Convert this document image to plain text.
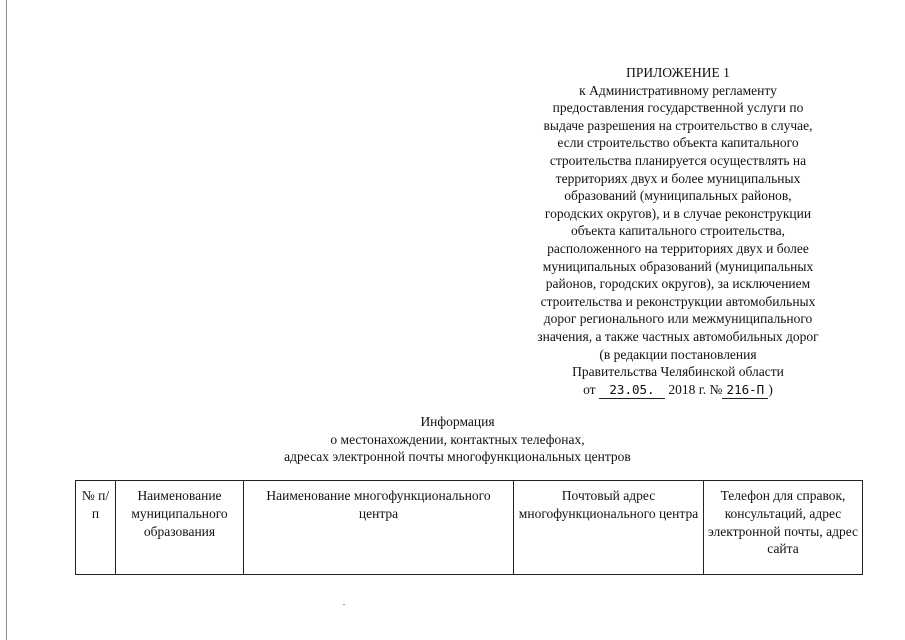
ПРИЛОЖЕНИЕ 1
к Административному регламенту
предоставления государственной услуги по
выдаче разрешения на строительство в случае,
если строительство объекта капитального
строительства планируется осуществлять на
территориях двух и более муниципальных
образований (муниципальных районов,
городских округов), и в случае реконструкции
объекта капитального строительства,
расположенного на территориях двух и более
муниципальных образований (муниципальных
районов, городских округов), за исключением
строительства и реконструкции автомобильных
дорог регионального или межмуниципального
значения, а также частных автомобильных дорог
(в редакции постановления
Правительства Челябинской области
от 23.05. 2018 г. № 216-П )
Информация
о местонахождении, контактных телефонах,
адресах электронной почты многофункциональных центров
№ п/п	Наименование муниципального образования	Наименование многофункционального центра	Почтовый адрес многофункционального центра	Телефон для справок, консультаций, адрес электронной почты, адрес сайта
